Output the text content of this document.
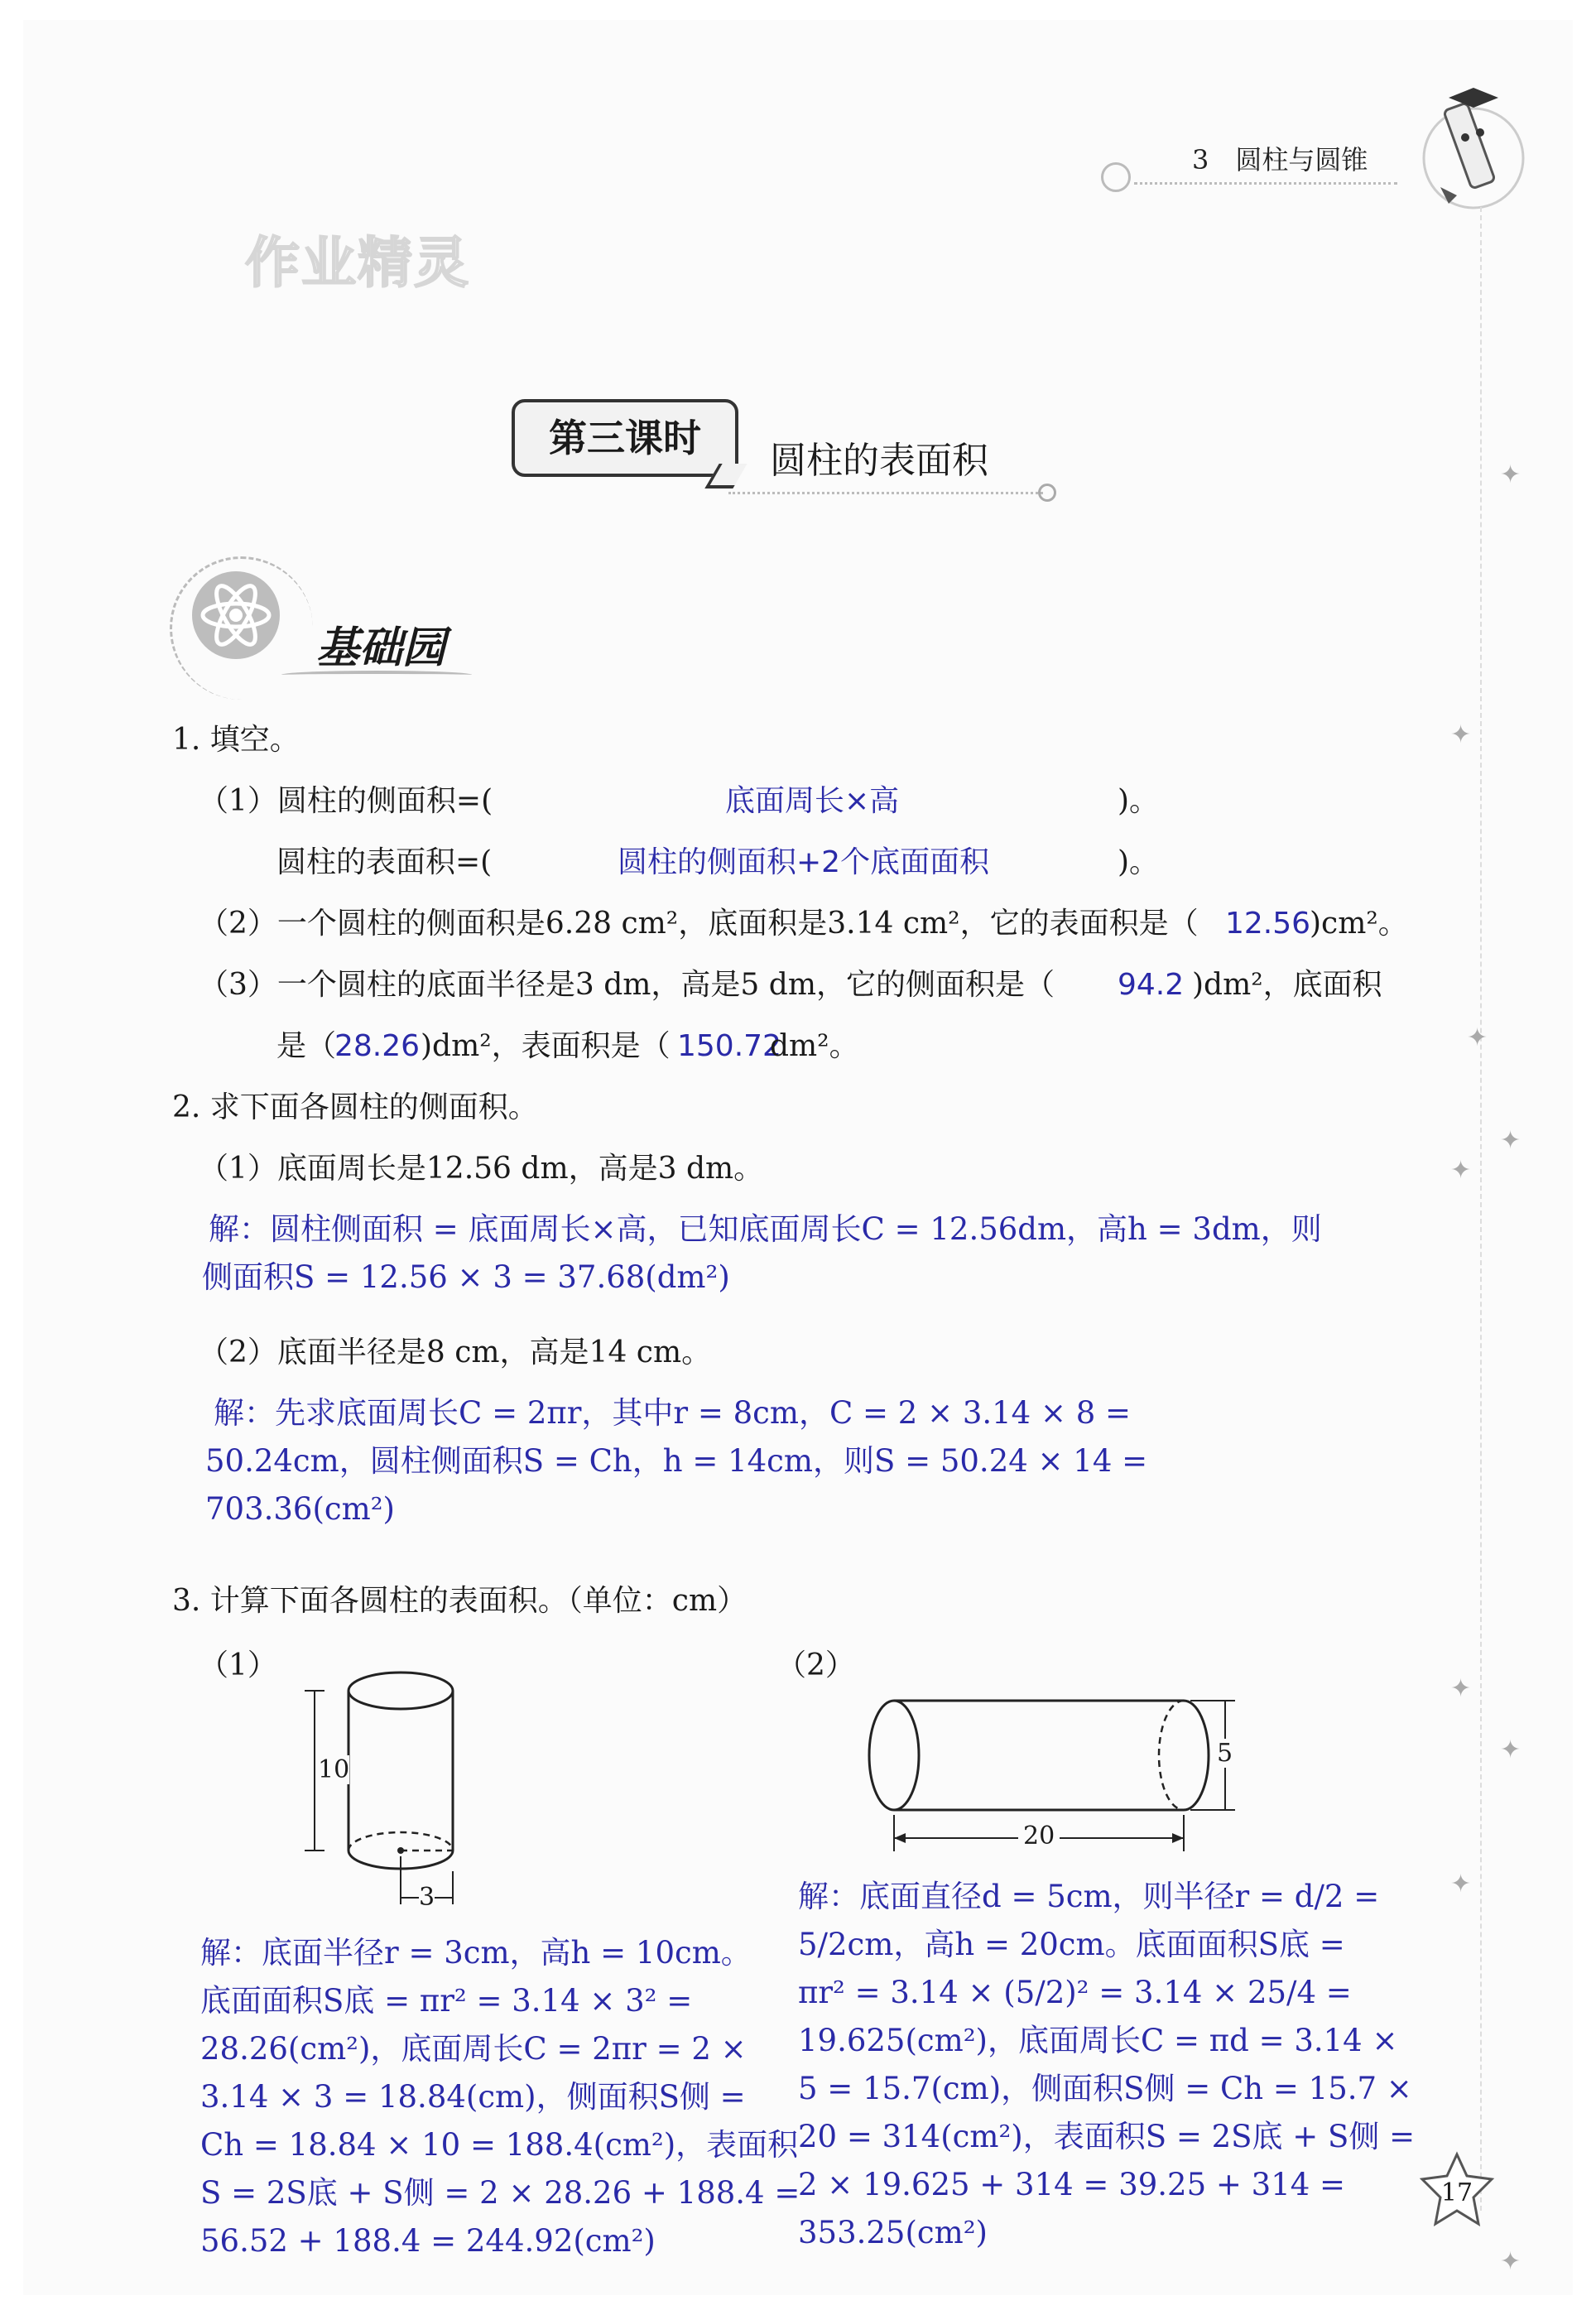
3　圆柱与圆锥
作业精灵
第三课时
圆柱的表面积
基础园
1. 填空。
（1）圆柱的侧面积=(	底面周长×高	)。
圆柱的表面积=(	圆柱的侧面积+2个底面面积	)。
（2）一个圆柱的侧面积是6.28 cm²，底面积是3.14 cm²，它的表面积是（ 12.56
)cm²。
（3）一个圆柱的底面半径是3 dm，高是5 dm，它的侧面积是（ 94.2 )dm²，底面积
是（
28.26 )dm²，表面积是（ 150.72
dm²。
2. 求下面各圆柱的侧面积。
（1）底面周长是12.56 dm，高是3 dm。
解：圆柱侧面积 = 底面周长×高，已知底面周长C = 12.56dm，高h = 3dm，则
侧面积S = 12.56 × 3 = 37.68(dm²)
（2）底面半径是8 cm，高是14 cm。
解：先求底面周长C = 2πr，其中r = 8cm，C = 2 × 3.14 × 8 =
50.24cm，圆柱侧面积S = Ch，h = 14cm，则S = 50.24 × 14 =
703.36(cm²)
3. 计算下面各圆柱的表面积。（单位：cm）
（1）	（2）
10
3
5
20
解：底面半径r = 3cm，高h = 10cm。
底面面积S底 = πr² = 3.14 × 3² =
28.26(cm²)，底面周长C = 2πr = 2 ×
3.14 × 3 = 18.84(cm)，侧面积S侧 =
Ch = 18.84 × 10 = 188.4(cm²)，表面积
S = 2S底 + S侧 = 2 × 28.26 + 188.4 =
56.52 + 188.4 = 244.92(cm²)
解：底面直径d = 5cm，则半径r = d/2 =
5/2cm，高h = 20cm。底面面积S底 =
πr² = 3.14 × (5/2)² = 3.14 × 25/4 =
19.625(cm²)，底面周长C = πd = 3.14 ×
5 = 15.7(cm)，侧面积S侧 = Ch = 15.7 ×
20 = 314(cm²)，表面积S = 2S底 + S侧 =
2 × 19.625 + 314 = 39.25 + 314 =
353.25(cm²)
✦
✦
✦
✦
✦
✦
✦
✦
✦
17
